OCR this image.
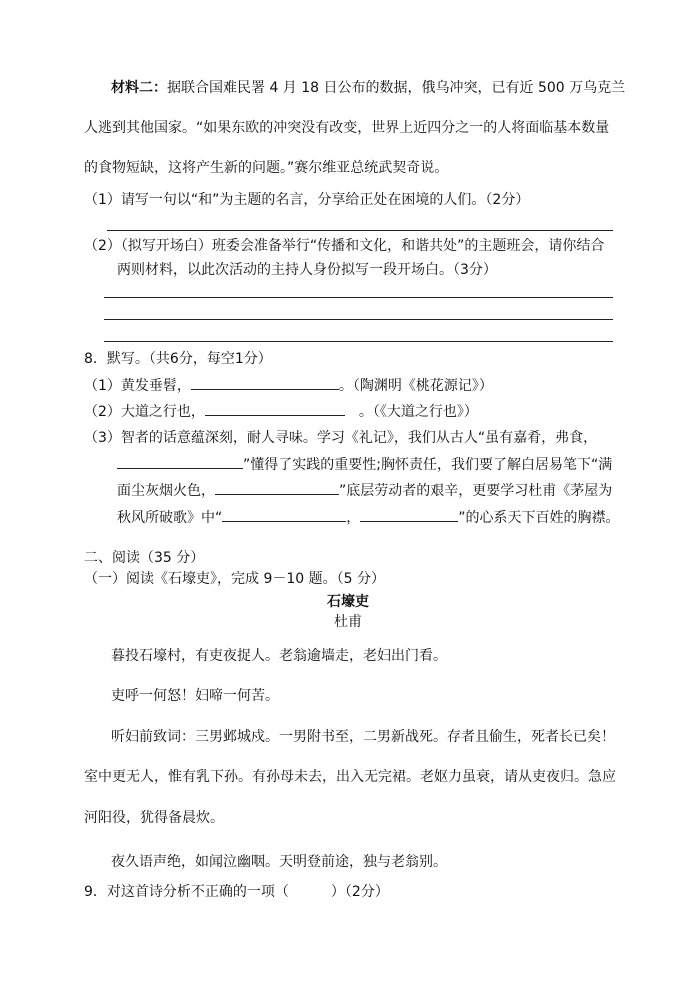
材料二：据联合国难民署 4 月 18 日公布的数据，俄乌冲突，已有近 500 万乌克兰
人逃到其他国家。“如果东欧的冲突没有改变，世界上近四分之一的人将面临基本数量
的食物短缺，这将产生新的问题。”赛尔维亚总统武契奇说。
（1）请写一句以“和”为主题的名言，分享给正处在困境的人们。（2分）
（2）（拟写开场白）班委会准备举行“传播和文化，和谐共处”的主题班会，请你结合
两则材料，以此次活动的主持人身份拟写一段开场白。（3分）
8．默写。（共6分，每空1分）
（1）黄发垂髫，	。（陶渊明《桃花源记》）
（2）大道之行也，	。（《大道之行也》）
（3）智者的话意蕴深刻，耐人寻味。学习《礼记》，我们从古人“虽有嘉肴，弗食，
”懂得了实践的重要性;胸怀责任，我们要了解白居易笔下“满
面尘灰烟火色，	”底层劳动者的艰辛，更要学习杜甫《茅屋为
秋风所破歌》中“	，	”的心系天下百姓的胸襟。
二、阅读（35 分）
（一）阅读《石壕吏》，完成 9－10 题。（5 分）
石壕吏
杜甫
暮投石壕村，有吏夜捉人。老翁逾墙走，老妇出门看。
吏呼一何怒！妇啼一何苦。
听妇前致词：三男邺城戍。一男附书至，二男新战死。存者且偷生，死者长已矣！
室中更无人，惟有乳下孙。有孙母未去，出入无完裙。老妪力虽衰，请从吏夜归。急应
河阳役，犹得备晨炊。
夜久语声绝，如闻泣幽咽。天明登前途，独与老翁别。
9．对这首诗分析不正确的一项（　　　）（2分）
